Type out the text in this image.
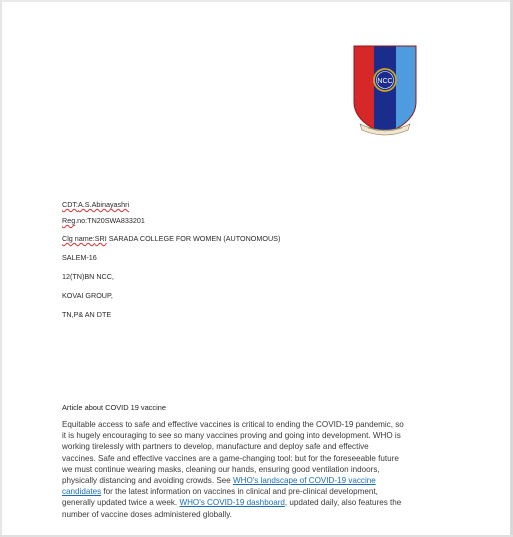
NCC
CDT:A.S.Abinayashri
Reg.no:TN20SWA833201
Clg name:SRI SARADA COLLEGE FOR WOMEN (AUTONOMOUS)
SALEM-16
12(TN)BN NCC,
KOVAI GROUP,
TN,P& AN DTE
Article about COVID 19 vaccine
Equitable access to safe and effective vaccines is critical to ending the COVID-19 pandemic, so
it is hugely encouraging to see so many vaccines proving and going into development. WHO is
working tirelessly with partners to develop, manufacture and deploy safe and effective
vaccines. Safe and effective vaccines are a game-changing tool: but for the foreseeable future
we must continue wearing masks, cleaning our hands, ensuring good ventilation indoors,
physically distancing and avoiding crowds. See WHO's landscape of COVID-19 vaccine
candidates for the latest information on vaccines in clinical and pre-clinical development,
generally updated twice a week. WHO's COVID-19 dashboard, updated daily, also features the
number of vaccine doses administered globally.
